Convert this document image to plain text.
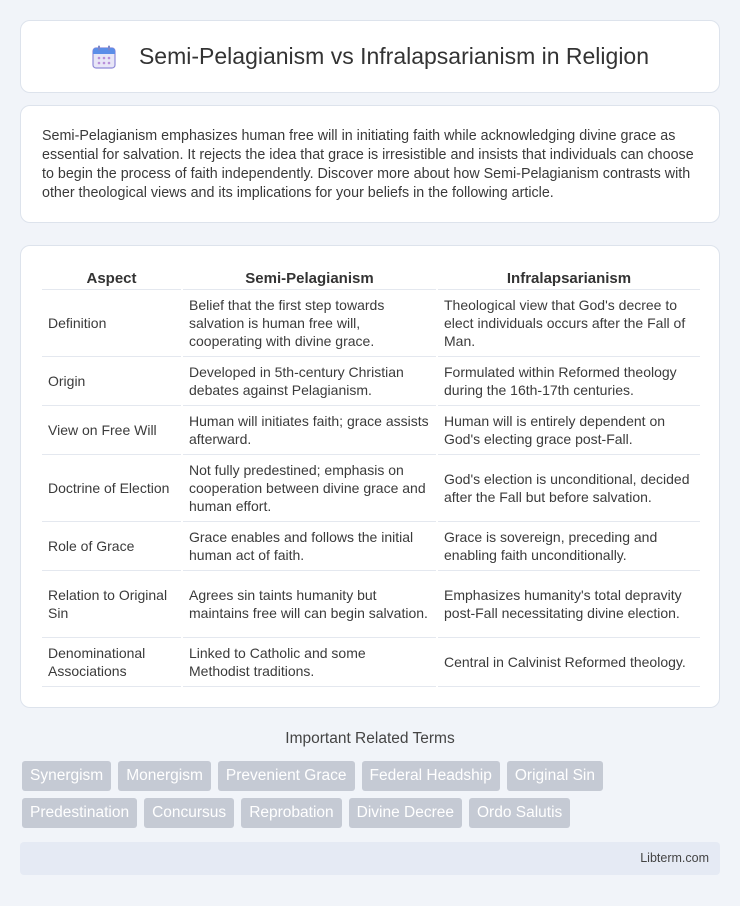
Semi-Pelagianism vs Infralapsarianism in Religion

Semi-Pelagianism emphasizes human free will in initiating faith while acknowledging divine grace as essential for salvation. It rejects the idea that grace is irresistible and insists that individuals can choose to begin the process of faith independently. Discover more about how Semi-Pelagianism contrasts with other theological views and its implications for your beliefs in the following article.

Aspect	Semi-Pelagianism	Infralapsarianism
Definition	Belief that the first step towards salvation is human free will, cooperating with divine grace.	Theological view that God's decree to elect individuals occurs after the Fall of Man.
Origin	Developed in 5th-century Christian debates against Pelagianism.	Formulated within Reformed theology during the 16th-17th centuries.
View on Free Will	Human will initiates faith; grace assists afterward.	Human will is entirely dependent on God's electing grace post-Fall.
Doctrine of Election	Not fully predestined; emphasis on cooperation between divine grace and human effort.	God's election is unconditional, decided after the Fall but before salvation.
Role of Grace	Grace enables and follows the initial human act of faith.	Grace is sovereign, preceding and enabling faith unconditionally.
Relation to Original Sin	Agrees sin taints humanity but maintains free will can begin salvation.	Emphasizes humanity's total depravity post-Fall necessitating divine election.
Denominational Associations	Linked to Catholic and some Methodist traditions.	Central in Calvinist Reformed theology.
Important Related Terms
Synergism	Monergism	Prevenient Grace	Federal Headship	Original Sin
Predestination	Concursus	Reprobation	Divine Decree	Ordo Salutis
Libterm.com
